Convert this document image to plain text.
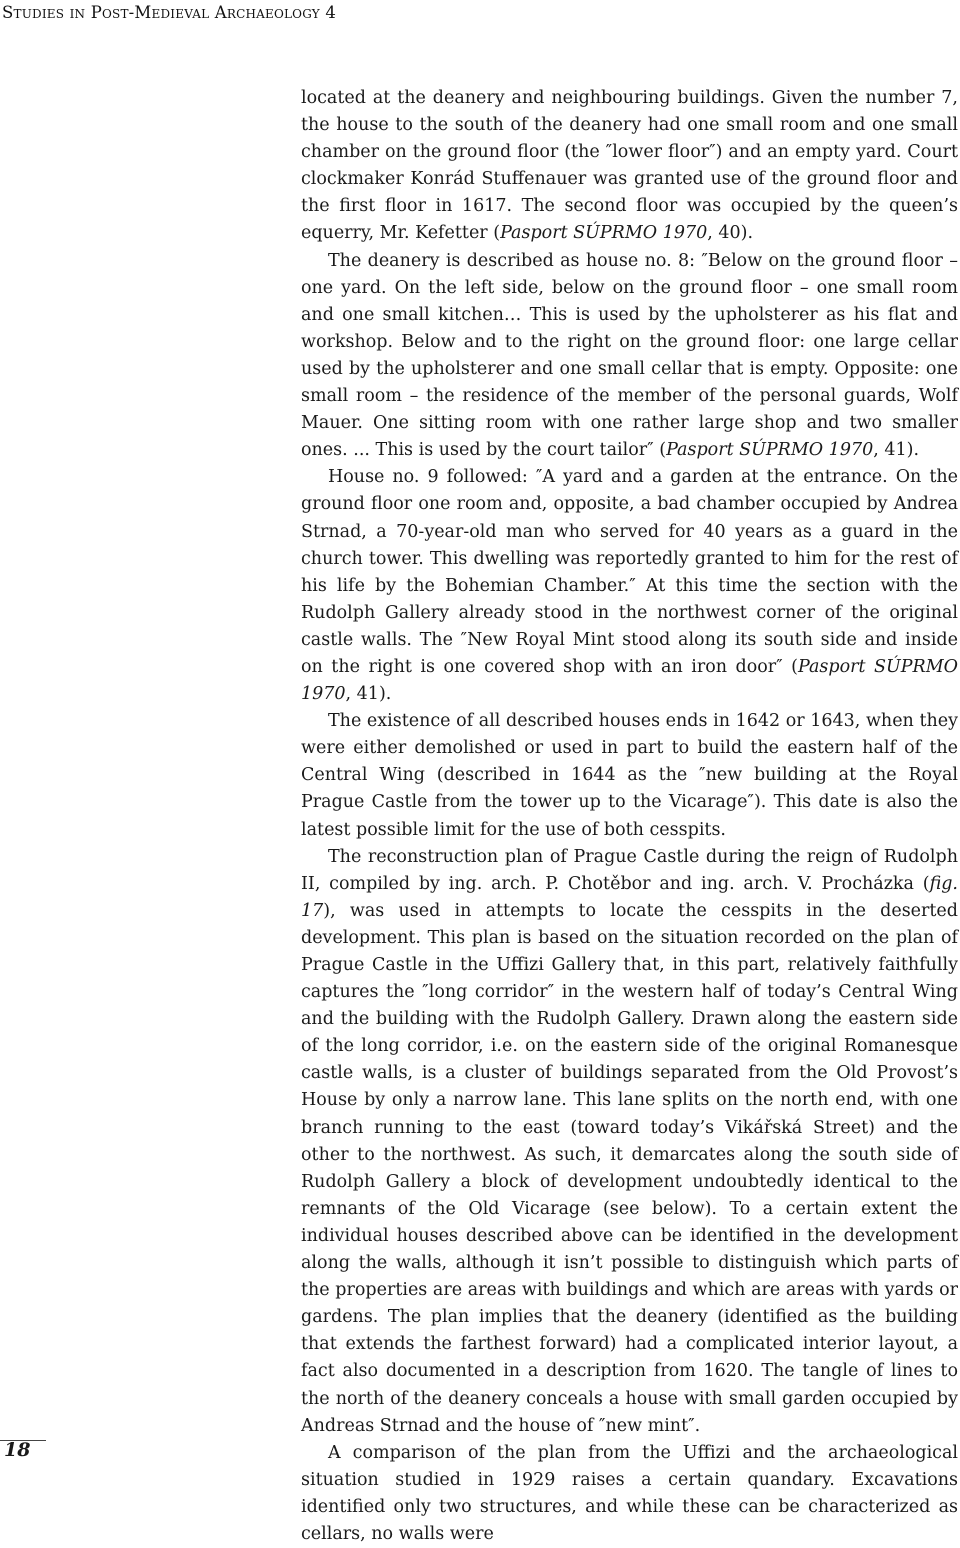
Studies in Post-Medieval Archaeology 4

located at the deanery and neighbouring buildings. Given the number 7, the house to the south of the deanery had one small room and one small chamber on the ground floor (the ″lower floor″) and an empty yard. Court clockmaker Konrád Stuffenauer was granted use of the ground floor and the first floor in 1617. The second floor was occupied by the queen’s equerry, Mr. Kefetter (Pasport SÚPRMO 1970, 40).

The deanery is described as house no. 8: ″Below on the ground floor – one yard. On the left side, below on the ground floor – one small room and one small kitchen… This is used by the upholsterer as his flat and workshop. Below and to the right on the ground floor: one large cellar used by the upholsterer and one small cellar that is empty. Opposite: one small room – the residence of the member of the personal guards, Wolf Mauer. One sitting room with one rather large shop and two smaller ones. ... This is used by the court tailor″ (Pasport SÚPRMO 1970, 41).

House no. 9 followed: ″A yard and a garden at the entrance. On the ground floor one room and, opposite, a bad chamber occupied by Andrea Strnad, a 70-year-old man who served for 40 years as a guard in the church tower. This dwelling was reportedly granted to him for the rest of his life by the Bohemian Chamber.″ At this time the section with the Rudolph Gallery already stood in the northwest corner of the original castle walls. The ″New Royal Mint stood along its south side and inside on the right is one covered shop with an iron door″ (Pasport SÚPRMO 1970, 41).

The existence of all described houses ends in 1642 or 1643, when they were either demolished or used in part to build the eastern half of the Central Wing (described in 1644 as the ″new building at the Royal Prague Castle from the tower up to the Vicarage″). This date is also the latest possible limit for the use of both cesspits.

The reconstruction plan of Prague Castle during the reign of Rudolph II, compiled by ing. arch. P. Chotěbor and ing. arch. V. Procházka (fig. 17), was used in attempts to locate the cesspits in the deserted development. This plan is based on the situation recorded on the plan of Prague Castle in the Uffizi Gallery that, in this part, relatively faithfully captures the ″long corridor″ in the western half of today’s Central Wing and the building with the Rudolph Gallery. Drawn along the eastern side of the long corridor, i.e. on the eastern side of the original Romanesque castle walls, is a cluster of buildings separated from the Old Provost’s House by only a narrow lane. This lane splits on the north end, with one branch running to the east (toward today’s Vikářská Street) and the other to the northwest. As such, it demarcates along the south side of Rudolph Gallery a block of development undoubtedly identical to the remnants of the Old Vicarage (see below). To a certain extent the individual houses described above can be identified in the development along the walls, although it isn’t possible to distinguish which parts of the properties are areas with buildings and which are areas with yards or gardens. The plan implies that the deanery (identified as the building that extends the farthest forward) had a complicated interior layout, a fact also documented in a description from 1620. The tangle of lines to the north of the deanery conceals a house with small garden occupied by Andreas Strnad and the house of ″new mint″.

A comparison of the plan from the Uffizi and the archaeological situation studied in 1929 raises a certain quandary. Excavations identified only two structures, and while these can be characterized as cellars, no walls were

18
